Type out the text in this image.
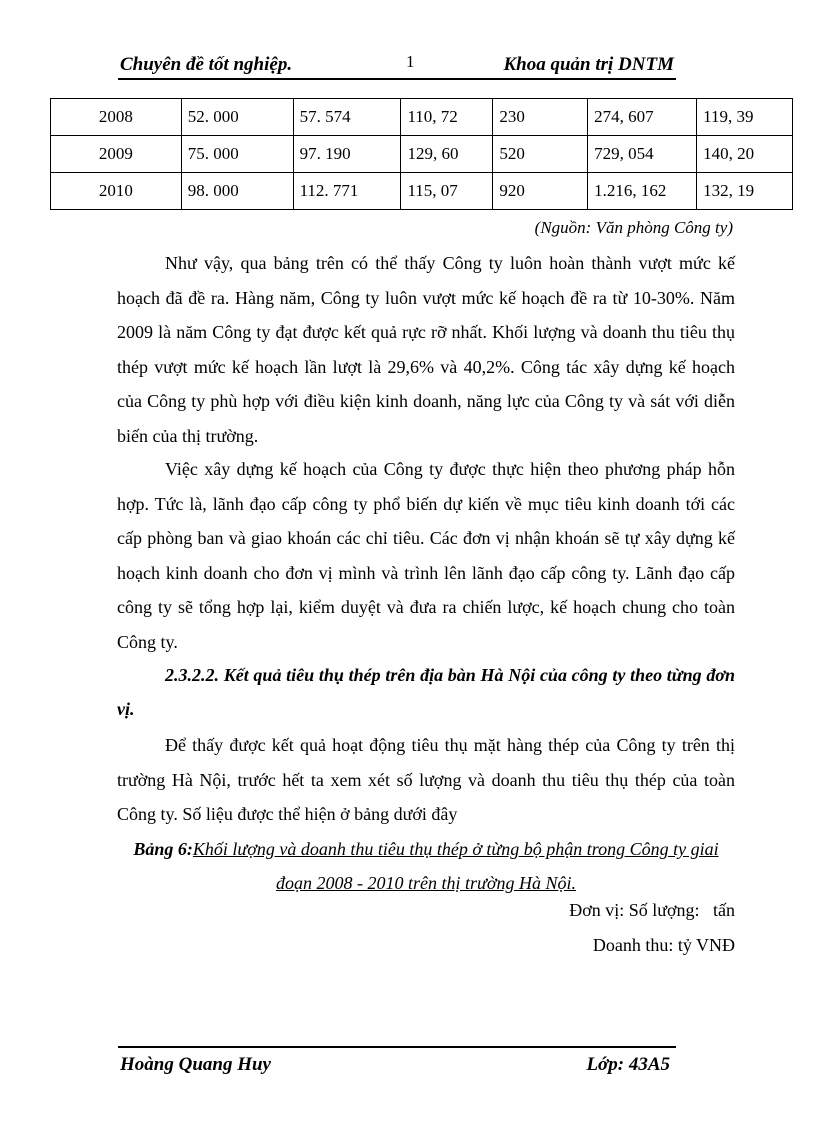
Chuyên đề tốt nghiệp.	1	Khoa quản trị DNTM
2008	52. 000	57. 574	110, 72	230	274, 607	119, 39
2009	75. 000	97. 190	129, 60	520	729, 054	140, 20
2010	98. 000	112. 771	115, 07	920	1.216, 162	132, 19
(Nguồn: Văn phòng Công ty)

Như vậy, qua bảng trên có thể thấy Công ty luôn hoàn thành vượt mức kế hoạch đã đề ra. Hàng năm, Công ty luôn vượt mức kế hoạch đề ra từ 10-30%. Năm 2009 là năm Công ty đạt được kết quả rực rỡ nhất. Khối lượng và doanh thu tiêu thụ thép vượt mức kế hoạch lần lượt là 29,6% và 40,2%. Công tác xây dựng kế hoạch của Công ty phù hợp với điều kiện kinh doanh, năng lực của Công ty và sát với diễn biến của thị trường.

Việc xây dựng kế hoạch của Công ty được thực hiện theo phương pháp hỗn hợp. Tức là, lãnh đạo cấp công ty phổ biến dự kiến về mục tiêu kinh doanh tới các cấp phòng ban và giao khoán các chỉ tiêu. Các đơn vị nhận khoán sẽ tự xây dựng kế hoạch kinh doanh cho đơn vị mình và trình lên lãnh đạo cấp công ty. Lãnh đạo cấp công ty sẽ tổng hợp lại, kiểm duyệt và đưa ra chiến lược, kế hoạch chung cho toàn Công ty.

2.3.2.2. Kết quả tiêu thụ thép trên địa bàn Hà Nội của công ty theo từng đơn vị.

Để thấy được kết quả hoạt động tiêu thụ mặt hàng thép của Công ty trên thị trường Hà Nội, trước hết ta xem xét số lượng và doanh thu tiêu thụ thép của toàn Công ty. Số liệu được thể hiện ở bảng dưới đây

Bảng 6:Khối lượng và doanh thu tiêu thụ thép ở từng bộ phận trong Công ty giai đoạn 2008 - 2010 trên thị trường Hà Nội.
Đơn vị: Số lượng:   tấn
Doanh thu: tỷ VNĐ
Hoàng Quang Huy	Lớp: 43A5
